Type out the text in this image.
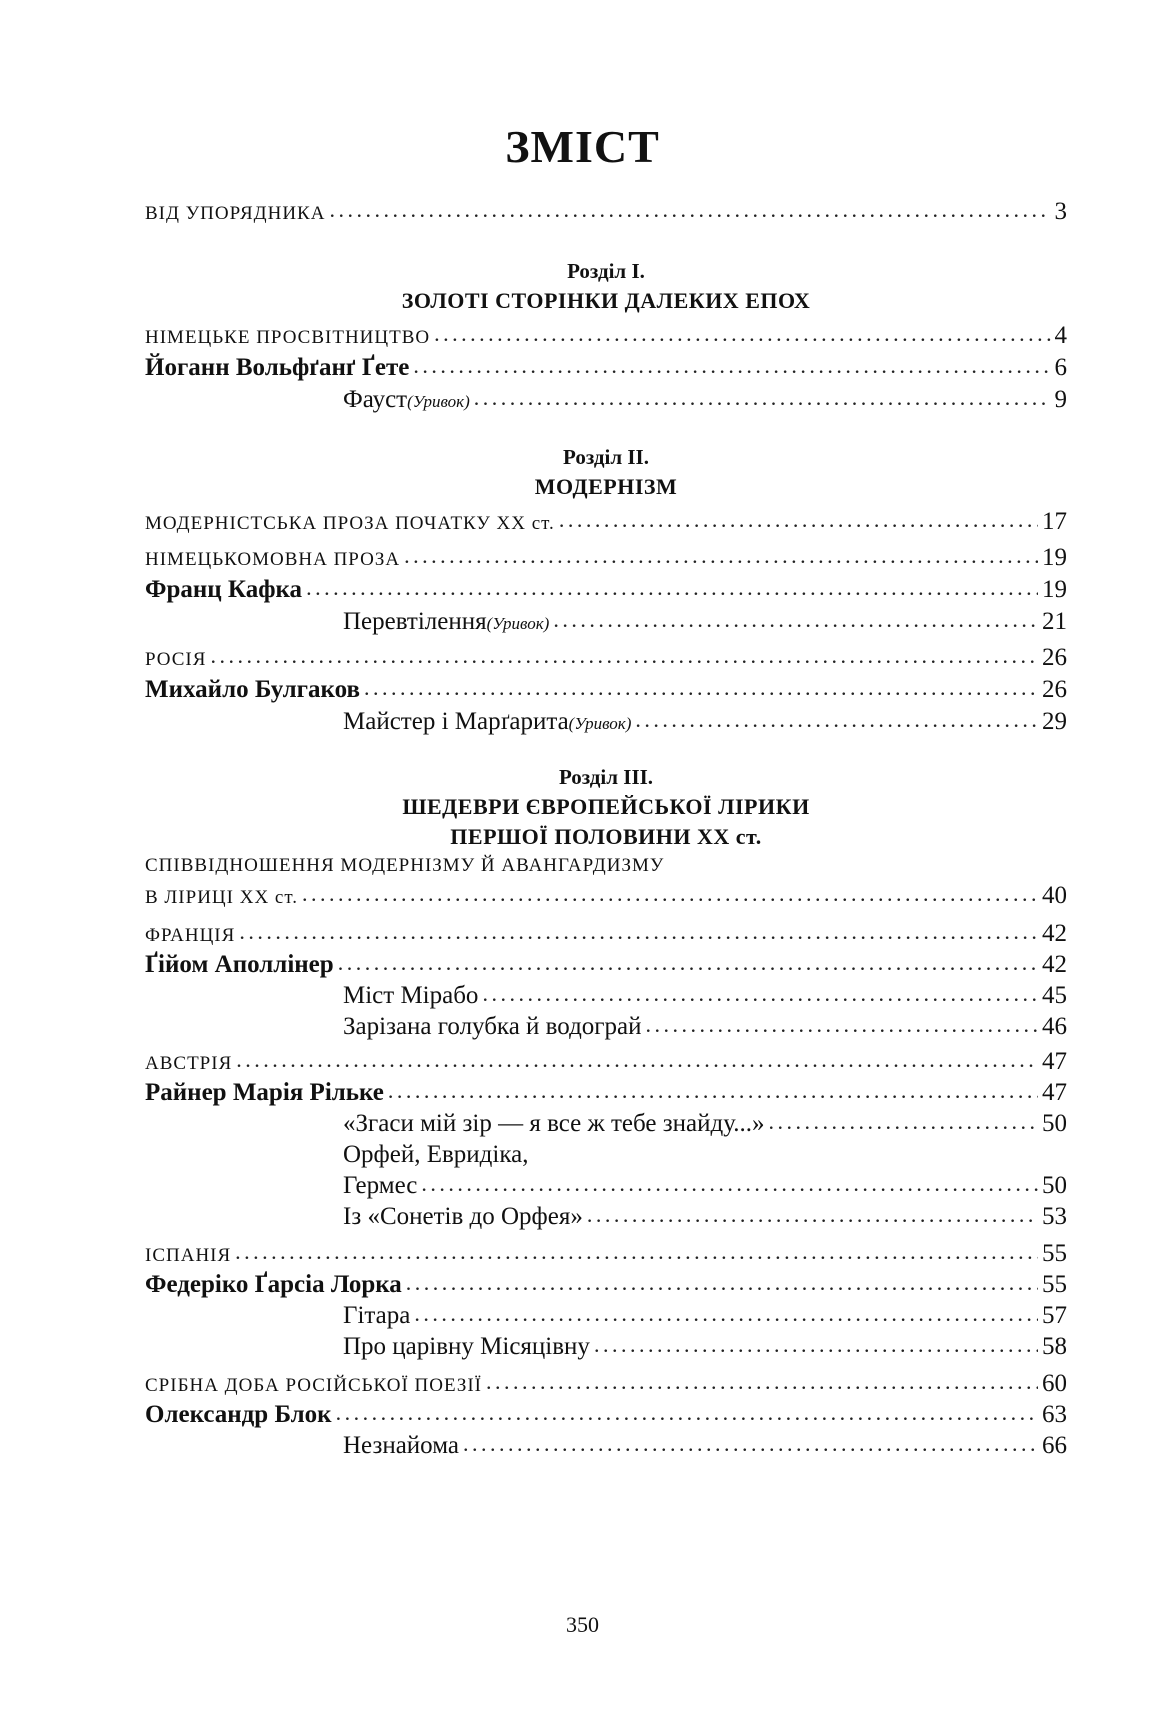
ЗМІСТ
ВІД УПОРЯДНИКА . . .	3
Розділ І.
ЗОЛОТІ СТОРІНКИ ДАЛЕКИХ ЕПОХ
НІМЕЦЬКЕ ПРОСВІТНИЦТВО . . .	4
Йоганн Вольфґанґ Ґете . . .	6
Фауст (Уривок) . . .	9
Розділ ІІ.
МОДЕРНІЗМ
МОДЕРНІСТСЬКА ПРОЗА ПОЧАТКУ XX ст. . . .	17
НІМЕЦЬКОМОВНА ПРОЗА . . .	19
Франц Кафка . . .	19
Перевтілення (Уривок) . . .	21
РОСІЯ . . .	26
Михайло Булгаков . . .	26
Майстер і Марґарита (Уривок) . . .	29
Розділ ІІІ.
ШЕДЕВРИ ЄВРОПЕЙСЬКОЇ ЛІРИКИ
ПЕРШОЇ ПОЛОВИНИ XX ст.
СПІВВІДНОШЕННЯ МОДЕРНІЗМУ Й АВАНГАРДИЗМУ
В ЛІРИЦІ XX ст. . . .	40
ФРАНЦІЯ . . .	42
Ґійом Аполлінер . . .	42
Міст Мірабо . . .	45
Зарізана голубка й водограй . . .	46
АВСТРІЯ . . .	47
Райнер Марія Рільке . . .	47
«Згаси мій зір — я все ж тебе знайду...» . . .	50
Орфей, Евридіка,
Гермес . . .	50
Із «Сонетів до Орфея» . . .	53
ІСПАНІЯ . . .	55
Федеріко Ґарсіа Лорка . . .	55
Гітара . . .	57
Про царівну Місяцівну . . .	58
СРІБНА ДОБА РОСІЙСЬКОЇ ПОЕЗІЇ . . .	60
Олександр Блок . . .	63
Незнайома . . .	66
350
